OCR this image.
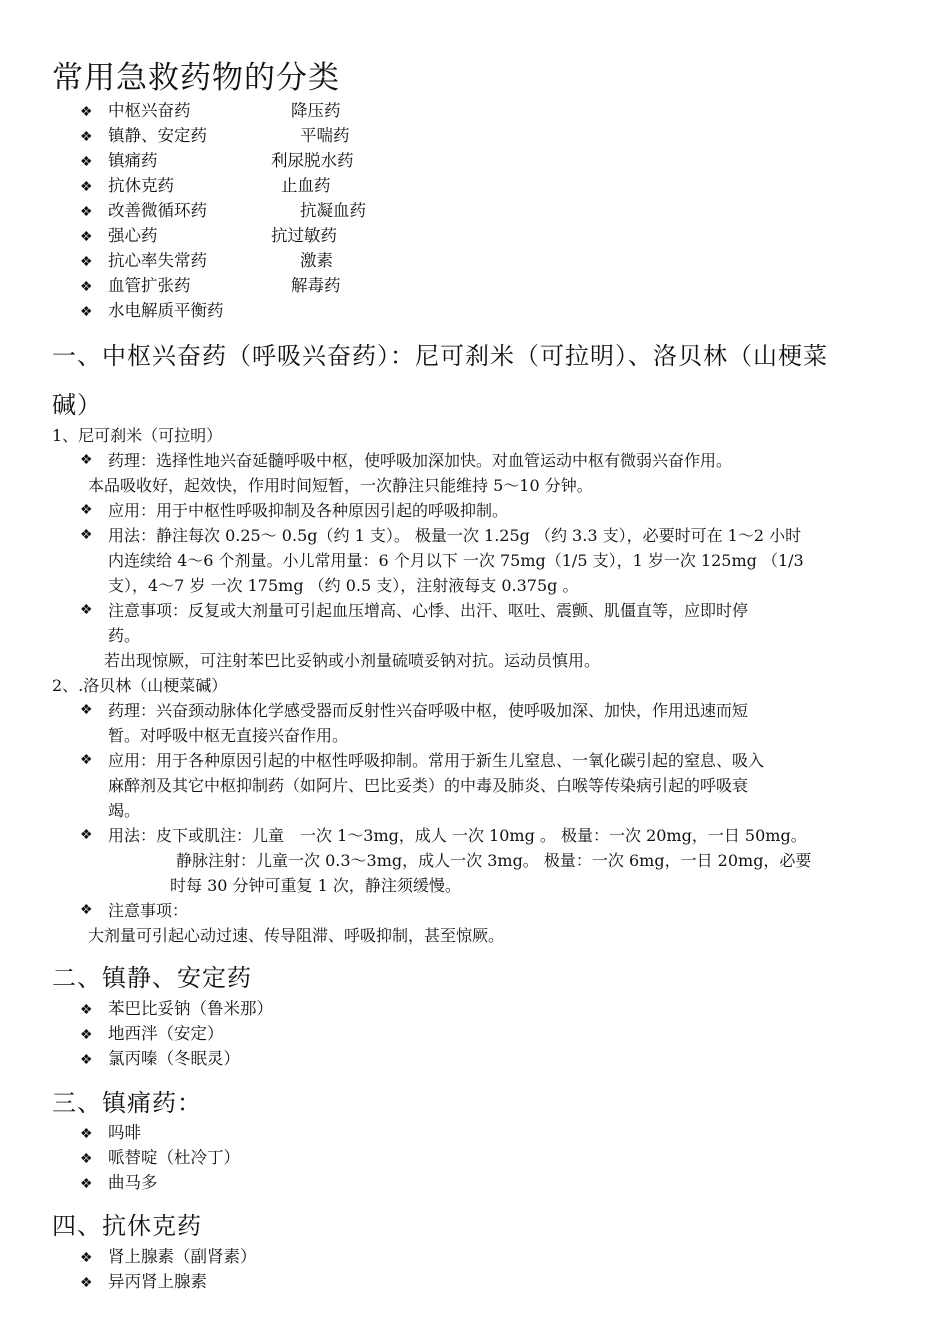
常用急救药物的分类
❖ 中枢兴奋药	降压药
❖ 镇静、安定药	平喘药
❖ 镇痛药	利尿脱水药
❖ 抗休克药	止血药
❖ 改善微循环药	抗凝血药
❖ 强心药	抗过敏药
❖ 抗心率失常药	激素
❖ 血管扩张药	解毒药
❖ 水电解质平衡药
一、中枢兴奋药（呼吸兴奋药）：尼可刹米（可拉明）、洛贝林（山梗菜
碱）
1、尼可刹米（可拉明）
❖ 药理：选择性地兴奋延髓呼吸中枢，使呼吸加深加快。对血管运动中枢有微弱兴奋作用。
本品吸收好，起效快，作用时间短暂，一次静注只能维持 5～10 分钟。
❖ 应用：用于中枢性呼吸抑制及各种原因引起的呼吸抑制。
❖ 用法：静注每次 0.25～ 0.5g（约 1 支）。 极量一次 1.25g （约 3.3 支），必要时可在 1～2 小时
内连续给 4～6 个剂量。小儿常用量：6 个月以下 一次 75mg（1/5 支），1 岁一次 125mg （1/3
支），4～7 岁 一次 175mg （约 0.5 支），注射液每支 0.375g 。
❖ 注意事项：反复或大剂量可引起血压增高、心悸、出汗、呕吐、震颤、肌僵直等，应即时停
药。
若出现惊厥，可注射苯巴比妥钠或小剂量硫喷妥钠对抗。运动员慎用。
2、.洛贝林（山梗菜碱）
❖ 药理：兴奋颈动脉体化学感受器而反射性兴奋呼吸中枢，使呼吸加深、加快，作用迅速而短
暂。对呼吸中枢无直接兴奋作用。
❖ 应用：用于各种原因引起的中枢性呼吸抑制。常用于新生儿窒息、一氧化碳引起的窒息、吸入
麻醉剂及其它中枢抑制药（如阿片、巴比妥类）的中毒及肺炎、白喉等传染病引起的呼吸衰
竭。
❖ 用法：皮下或肌注：儿童　一次 1～3mg，成人 一次 10mg 。 极量：一次 20mg，一日 50mg。
静脉注射：儿童一次 0.3～3mg，成人一次 3mg。 极量：一次 6mg，一日 20mg，必要
时每 30 分钟可重复 1 次，静注须缓慢。
❖ 注意事项：
大剂量可引起心动过速、传导阻滞、呼吸抑制，甚至惊厥。
二、镇静、安定药
❖ 苯巴比妥钠（鲁米那）
❖ 地西泮（安定）
❖ 氯丙嗪（冬眠灵）
三、镇痛药：
❖ 吗啡
❖ 哌替啶（杜冷丁）
❖ 曲马多
四、抗休克药
❖ 肾上腺素（副肾素）
❖ 异丙肾上腺素
